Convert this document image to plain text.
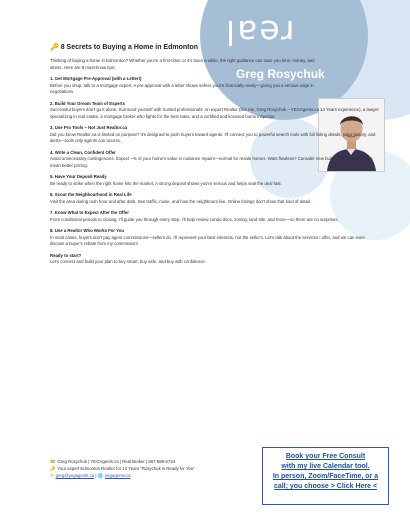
real
Greg Rosychuk
🔑 8 Secrets to Buying a Home in Edmonton

Thinking of buying a home in Edmonton? Whether you're a first-timer or it's been a while, the right guidance can save you time, money, and stress. Here are 8 must-know tips:

1. Get Mortgage Pre-Approval (with a Letter!)

Before you shop, talk to a mortgage expert. A pre-approval with a letter shows sellers you're financially ready—giving you a serious edge in negotiations.

2. Build Your Dream Team of Experts

Successful buyers don't go it alone. Surround yourself with trusted professionals: An expert Realtor (like me, Greg Rosychuk – YEGAgents.ca 14 Years experience), a lawyer specializing in real estate, a mortgage broker who fights for the best rates, and a certified and licensed home inspector.

3. Use Pro Tools – Not Just Realtor.ca

Did you know Realtor.ca is limited on purpose? It's designed to push buyers toward agents. I'll connect you to powerful search tools with full listing details, price history, and alerts—tools only agents can access.

4. Write a Clean, Confident Offer

Avoid unnecessary contingencies. Expect ~% of your home's value in nuisance repairs—normal for resale homes. Want flawless? Consider new builds. Clean offers often mean better pricing.

5. Have Your Deposit Ready

Be ready to strike when the right home hits the market. A strong deposit shows you're serious and helps seal the deal fast.

6. Scout the Neighbourhood in Real Life

Visit the area during rush hour and after dark. See traffic, noise, and how the neighbours live. Online listings don't show that kind of detail.

7. Know What to Expect After the Offer

From conditional periods to closing, I'll guide you through every step. I'll help review condo docs, zoning, land title, and more—so there are no surprises.

8. Use a Realtor Who Works For You

In most cases, buyers don't pay agent commissions—sellers do. I'll represent your best interests, not the seller's. Let's talk about the services I offer, and we can even discuss a buyer's rebate from my commission!

Ready to start?

Let's connect and build your plan to buy smart, buy safe, and buy with confidence.

☎ Greg Rosychuk | YEGAgents.ca | Real Broker | 587-589-6734
🔑 Your expert Edmonton Realtor for 14 Years "Rosychuk is Ready for You"
✉ greg@yegagents.ca | 🌐 yegagents.ca
Book your Free Consult
with my live Calendar tool.
In person, Zoom/FaceTime, or a
call; you choose > Click Here <
